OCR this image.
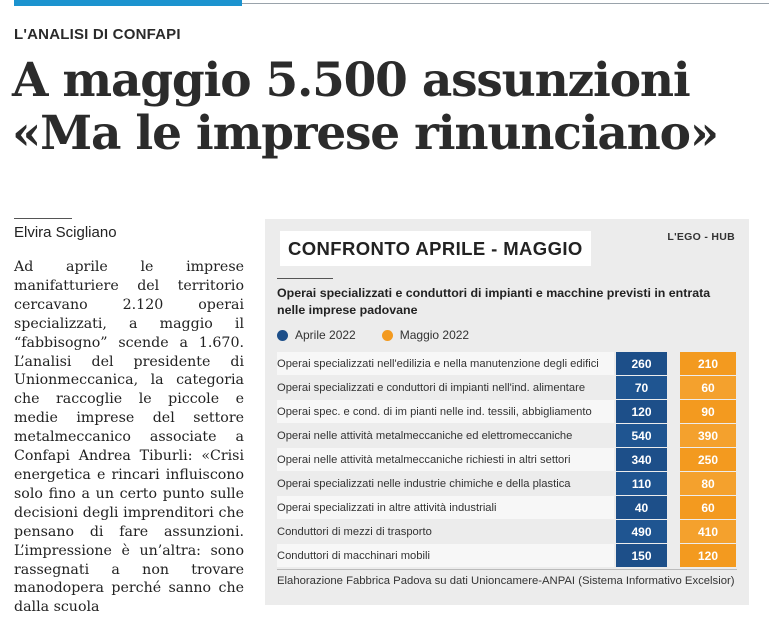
L'ANALISI DI CONFAPI
A maggio 5.500 assunzioni
«Ma le imprese rinunciano»
Elvira Scigliano

Ad aprile le imprese manifatturiere del territorio cercavano 2.120 operai specializzati, a maggio il “fabbisogno” scende a 1.670. L’analisi del presidente di Unionmeccanica, la categoria che raccoglie le piccole e medie imprese del settore metalmeccanico associate a Confapi Andrea Tiburli: «Crisi energetica e rincari influiscono solo fino a un certo punto sulle decisioni degli imprenditori che pensano di fare assunzioni. L’impressione è un’altra: sono rassegnati a non trovare manodopera perché sanno che dalla scuola

CONFRONTO APRILE - MAGGIO
L'EGO - HUB
Operai specializzati e conduttori di impianti e macchine previsti in entrata nelle imprese padovane
Aprile 2022	Maggio 2022
Operai specializzati nell'edilizia e nella manutenzione degli edifici	260	210
Operai specializzati e conduttori di impianti nell'ind. alimentare	70	60
Operai spec. e cond. di im pianti nelle ind. tessili, abbigliamento	120	90
Operai nelle attività metalmeccaniche ed elettromeccaniche	540	390
Operai nelle attività metalmeccaniche richiesti in altri settori	340	250
Operai specializzati nelle industrie chimiche e della plastica	110	80
Operai specializzati in altre attività industriali	40	60
Conduttori di mezzi di trasporto	490	410
Conduttori di macchinari mobili	150	120
Elahorazione Fabbrica Padova su dati Unioncamere-ANPAI (Sistema Informativo Excelsior)
